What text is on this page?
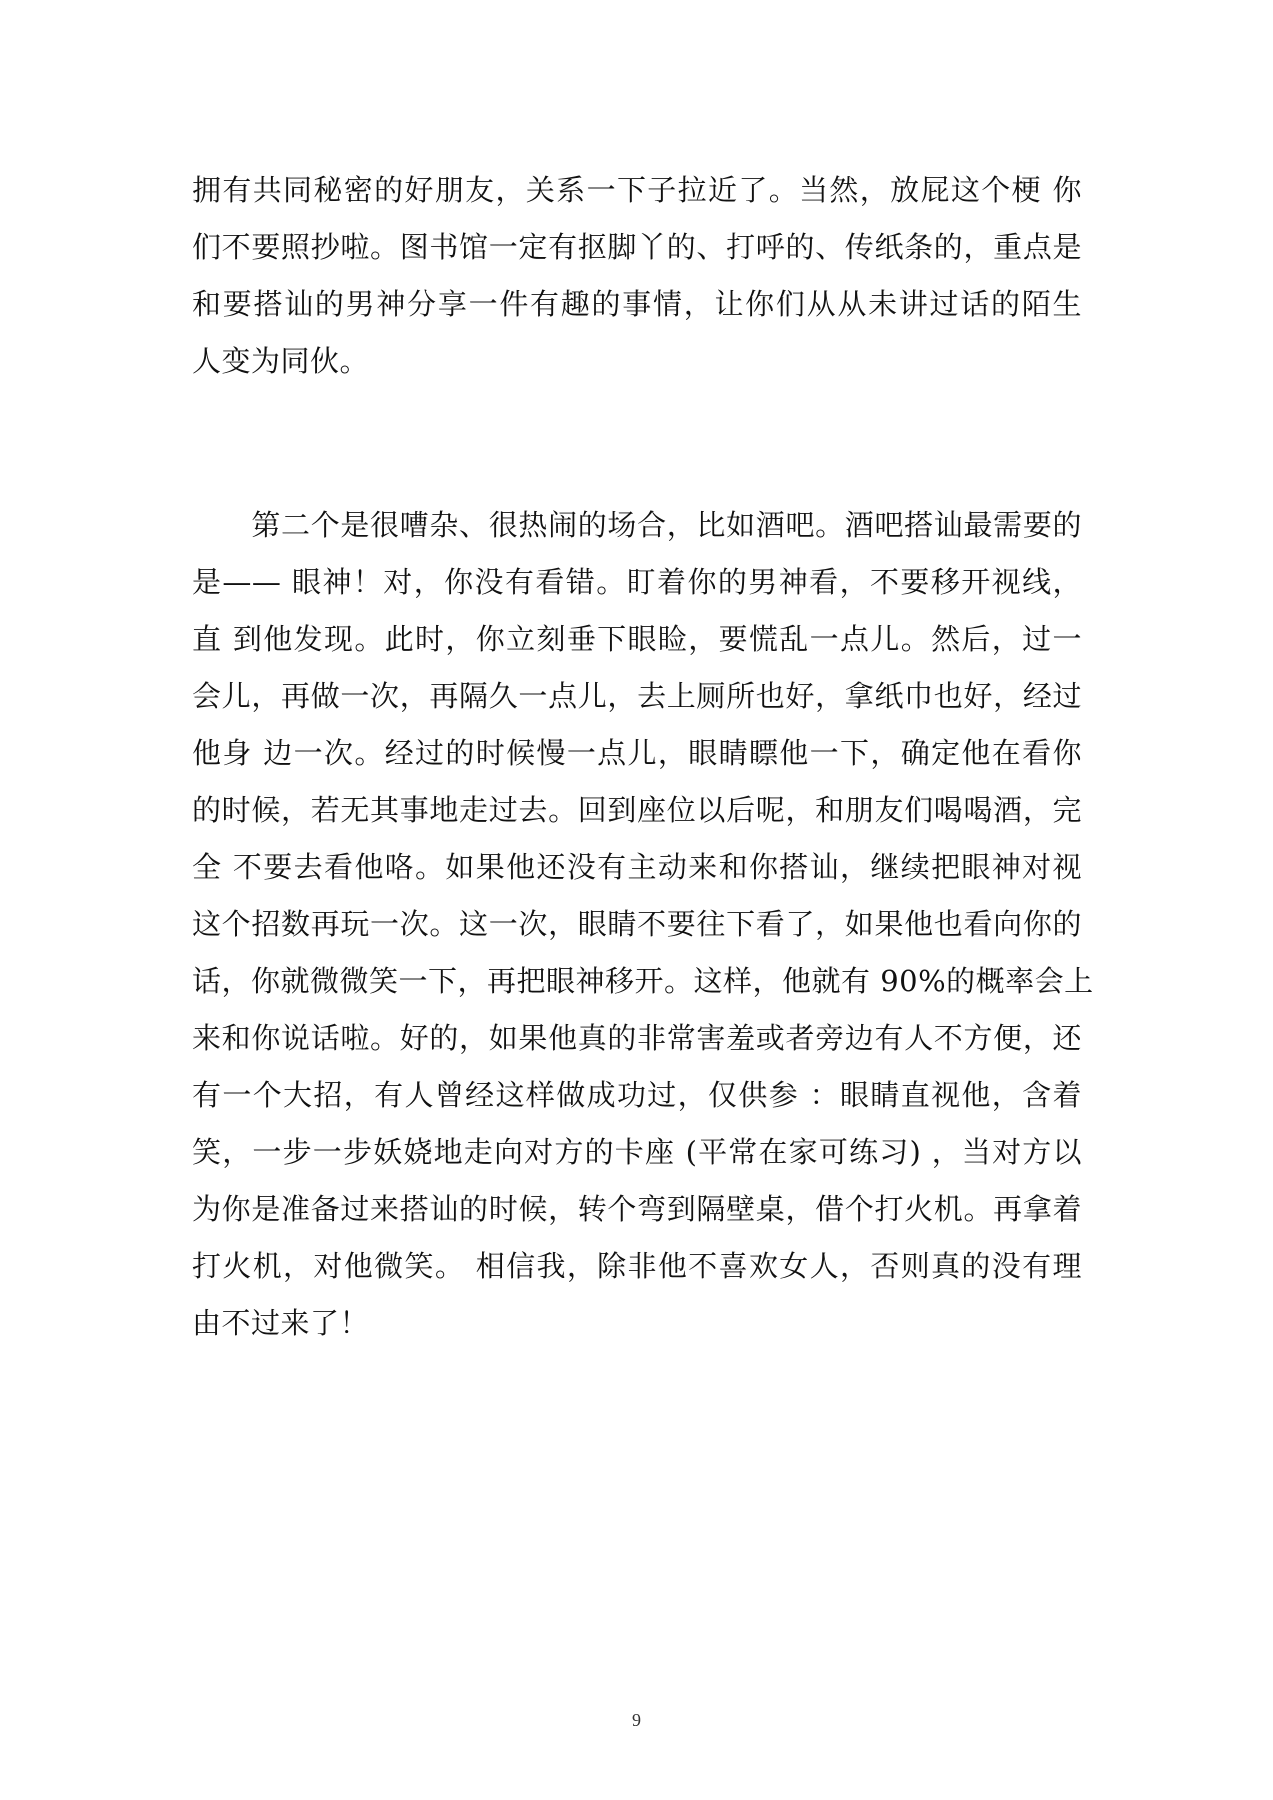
拥有共同秘密的好朋友，关系一下子拉近了。当然，放屁这个梗 你
们不要照抄啦。图书馆一定有抠脚丫的、打呼的、传纸条的，重点是
和要搭讪的男神分享一件有趣的事情，让你们从从未讲过话的陌生
人变为同伙。
　　第二个是很嘈杂、很热闹的场合，比如酒吧。酒吧搭讪最需要的
是—— 眼神！对，你没有看错。盯着你的男神看，不要移开视线，
直 到他发现。此时，你立刻垂下眼睑，要慌乱一点儿。然后，过一
会儿，再做一次，再隔久一点儿，去上厕所也好，拿纸巾也好，经过
他身 边一次。经过的时候慢一点儿，眼睛瞟他一下，确定他在看你
的时候，若无其事地走过去。回到座位以后呢，和朋友们喝喝酒，完
全 不要去看他咯。如果他还没有主动来和你搭讪，继续把眼神对视
这个招数再玩一次。这一次，眼睛不要往下看了，如果他也看向你的
话，你就微微笑一下，再把眼神移开。这样，他就有 90%的概率会上
来和你说话啦。好的，如果他真的非常害羞或者旁边有人不方便，还
有一个大招，有人曾经这样做成功过，仅供参 ：眼睛直视他，含着
笑，一步一步妖娆地走向对方的卡座 (平常在家可练习) ，当对方以
为你是准备过来搭讪的时候，转个弯到隔壁桌，借个打火机。再拿着
打火机，对他微笑。 相信我，除非他不喜欢女人，否则真的没有理
由不过来了！
9
